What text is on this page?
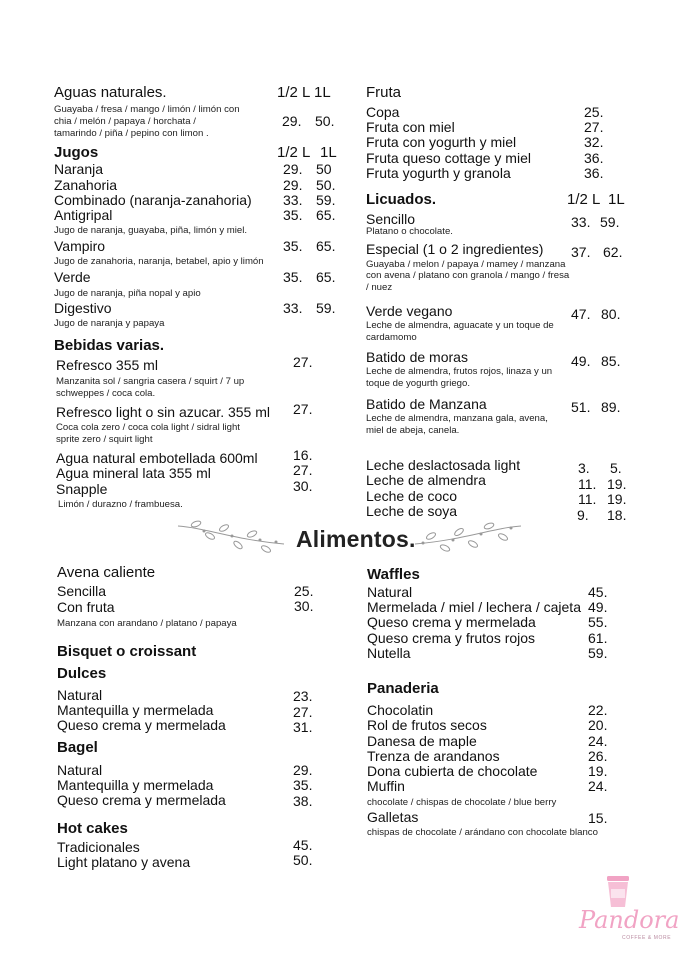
Aguas naturales.	1/2 L 1L
Guayaba / fresa / mango / limón / limón con
chia / melón / papaya / horchata /
tamarindo / piña / pepino con limon .
29. 50.
Jugos	1/2 L 1L
Naranja	29. 50
Zanahoria	29. 50.
Combinado (naranja-zanahoria) 33. 59.
Antigripal	35. 65.
Jugo de naranja, guayaba, piña, limón y miel.
Vampiro	35. 65.
Jugo de zanahoria, naranja, betabel, apio y limón
Verde	35. 65.
Jugo de naranja, piña nopal y apio
Digestivo	33. 59.
Jugo de naranja y papaya
Bebidas varias.
Refresco 355 ml	27.
Manzanita sol / sangria casera / squirt / 7 up
schweppes / coca cola.
Refresco light o sin azucar. 355 ml 27.
Coca cola zero / coca cola light / sidral light
sprite zero / squirt light
Agua natural embotellada 600ml	16.
Agua mineral lata 355 ml	27.
Snapple	30.
Limón / durazno / frambuesa.
Fruta
Copa	25.
Fruta con miel	27.
Fruta con yogurth y miel	32.
Fruta queso cottage y miel	36.
Fruta yogurth y granola	36.
Licuados.	1/2 L 1L
Sencillo	33. 59.
Platano o chocolate.
Especial (1 o 2 ingredientes) 37. 62.
Guayaba / melon / papaya / mamey / manzana
con avena / platano con granola / mango / fresa
/ nuez
Verde vegano	47. 80.
Leche de almendra, aguacate y un toque de
cardamomo
Batido de moras	49. 85.
Leche de almendra, frutos rojos, linaza y un
toque de yogurth griego.
Batido de Manzana	51. 89.
Leche de almendra, manzana gala, avena,
miel de abeja, canela.
Leche deslactosada light	3. 5.
Leche de almendra	11. 19.
Leche de coco	11. 19.
Leche de soya	9. 18.
Alimentos.
Avena caliente
Sencilla	25.
Con fruta	30.
Manzana con arandano / platano / papaya
Bisquet o croissant
Dulces
Natural	23.
Mantequilla y mermelada	27.
Queso crema y mermelada	31.
Bagel
Natural	29.
Mantequilla y mermelada	35.
Queso crema y mermelada	38.
Hot cakes
Tradicionales	45.
Light platano y avena	50.
Waffles
Natural	45.
Mermelada / miel / lechera / cajeta 49.
Queso crema y mermelada	55.
Queso crema y frutos rojos	61.
Nutella	59.
Panaderia
Chocolatin	22.
Rol de frutos secos	20.
Danesa de maple	24.
Trenza de arandanos	26.
Dona cubierta de chocolate	19.
Muffin	24.
chocolate / chispas de chocolate / blue berry
Galletas	15.
chispas de chocolate / arándano con chocolate blanco
Pandora
COFFEE & MORE
